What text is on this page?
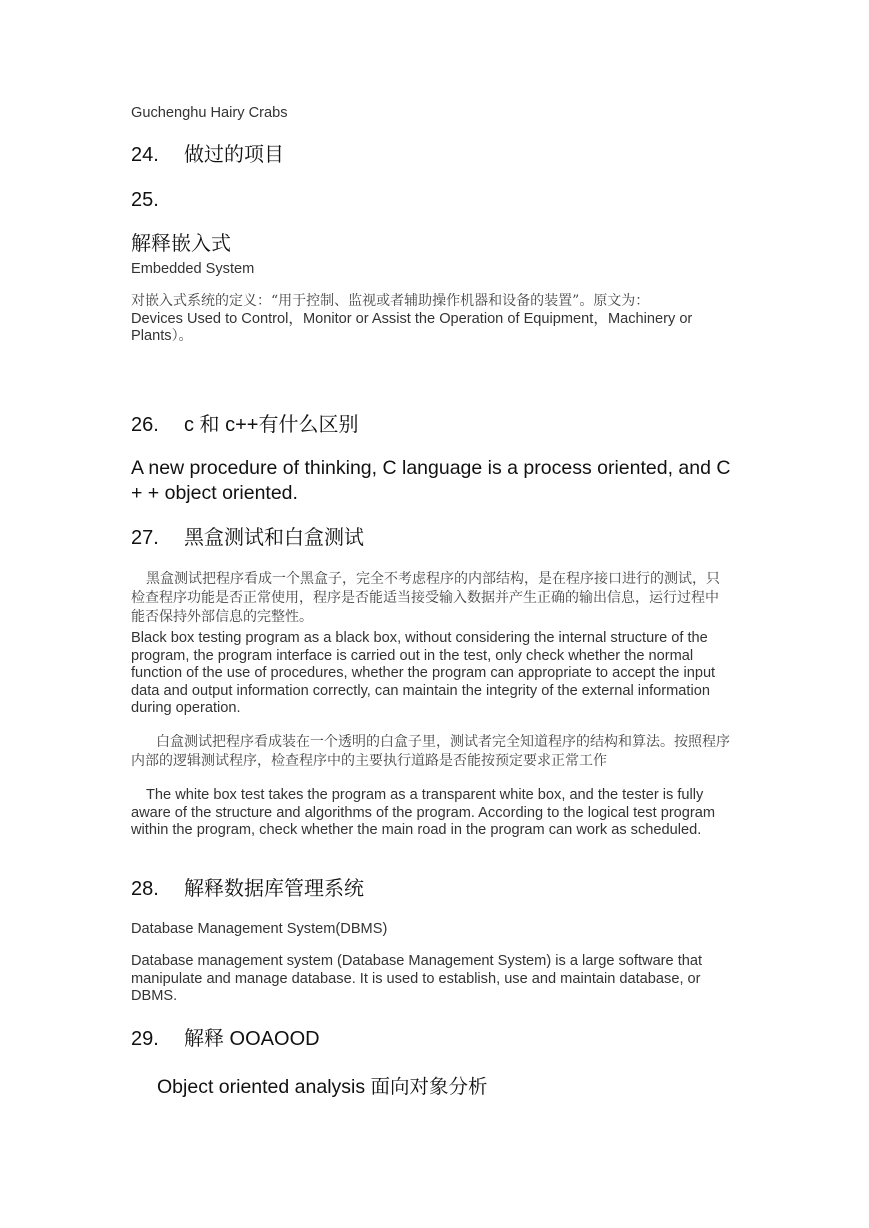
Guchenghu Hairy Crabs

24. 做过的项目
25.
解释嵌入式

Embedded System

对嵌入式系统的定义：“用于控制、监视或者辅助操作机器和设备的装置”。原文为：
Devices Used to Control，Monitor or Assist the Operation of Equipment，Machinery or Plants）。

26. c 和 c++有什么区别

A new procedure of thinking, C language is a process oriented, and C + + object oriented.

27. 黑盒测试和白盒测试

黑盒测试把程序看成一个黑盒子，完全不考虑程序的内部结构，是在程序接口进行的测试，只检查程序功能是否正常使用，程序是否能适当接受输入数据并产生正确的输出信息，运行过程中能否保持外部信息的完整性。

Black box testing program as a black box, without considering the internal structure of the program, the program interface is carried out in the test, only check whether the normal function of the use of procedures, whether the program can appropriate to accept the input data and output information correctly, can maintain the integrity of the external information during operation.

白盒测试把程序看成装在一个透明的白盒子里，测试者完全知道程序的结构和算法。按照程序内部的逻辑测试程序，检查程序中的主要执行道路是否能按预定要求正常工作

The white box test takes the program as a transparent white box, and the tester is fully aware of the structure and algorithms of the program. According to the logical test program within the program, check whether the main road in the program can work as scheduled.

28. 解释数据库管理系统

Database Management System(DBMS)

Database management system (Database Management System) is a large software that manipulate and manage database. It is used to establish, use and maintain database, or DBMS.

29. 解释 OOAOOD

Object oriented analysis 面向对象分析
